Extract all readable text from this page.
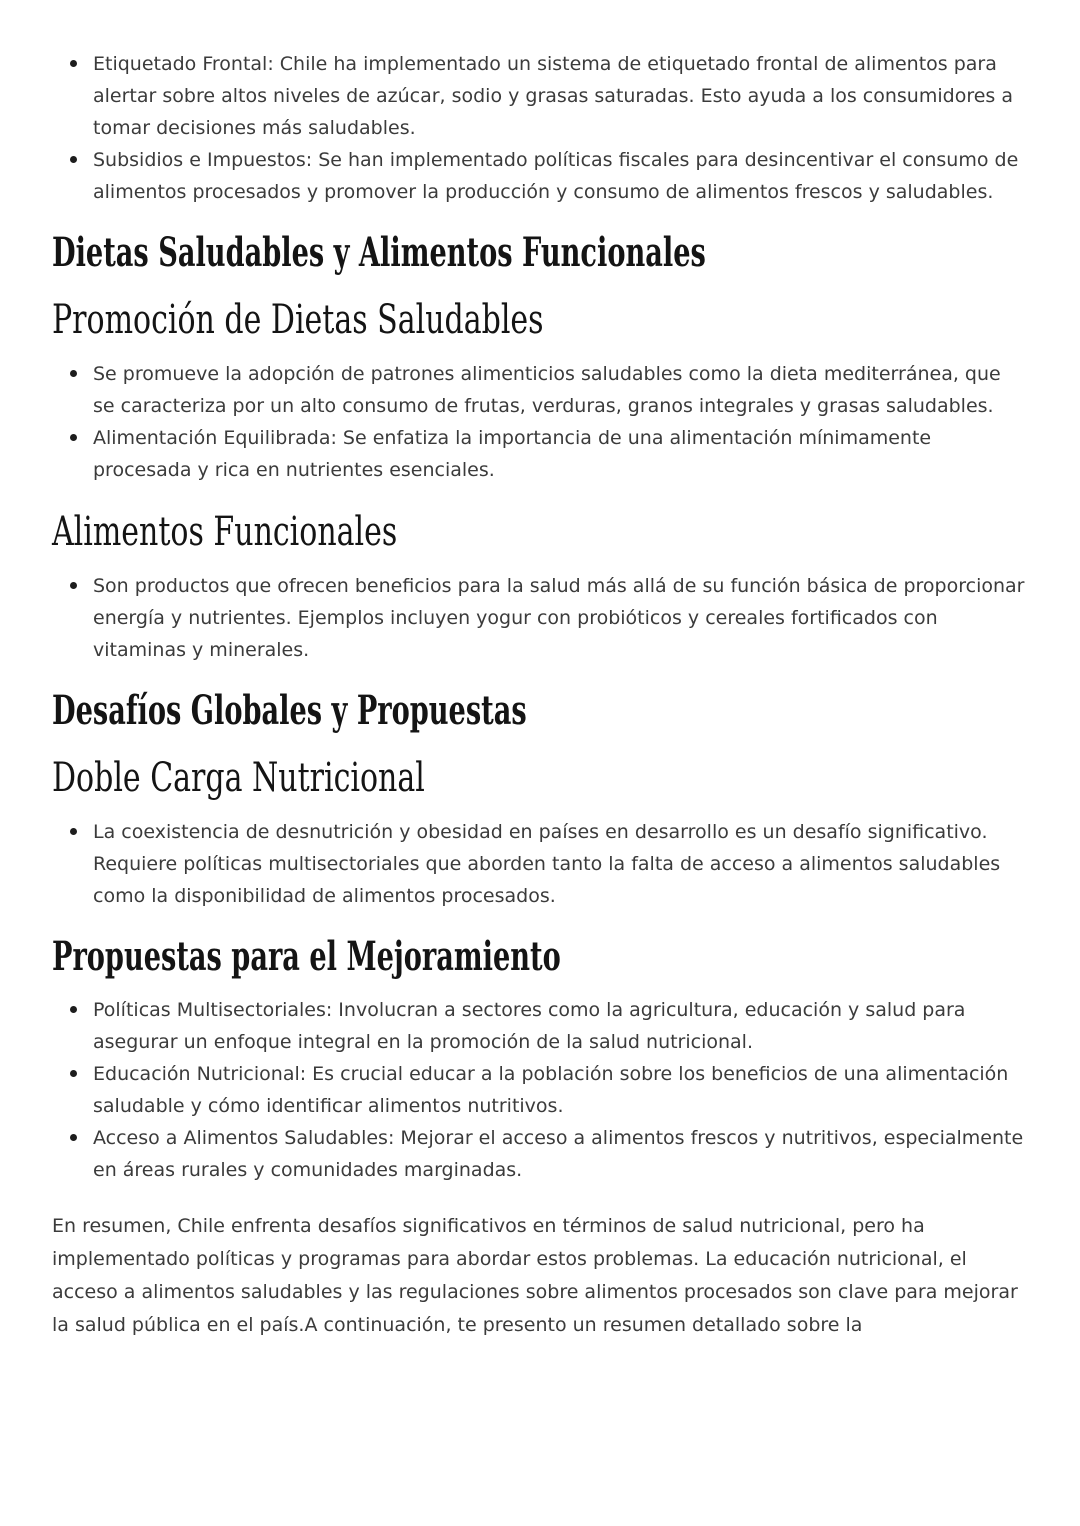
Etiquetado Frontal: Chile ha implementado un sistema de etiquetado frontal de alimentos para alertar sobre altos niveles de azúcar, sodio y grasas saturadas. Esto ayuda a los consumidores a tomar decisiones más saludables.
Subsidios e Impuestos: Se han implementado políticas fiscales para desincentivar el consumo de alimentos procesados y promover la producción y consumo de alimentos frescos y saludables.
Dietas Saludables y Alimentos Funcionales
Promoción de Dietas Saludables
Se promueve la adopción de patrones alimenticios saludables como la dieta mediterránea, que se caracteriza por un alto consumo de frutas, verduras, granos integrales y grasas saludables.
Alimentación Equilibrada: Se enfatiza la importancia de una alimentación mínimamente procesada y rica en nutrientes esenciales.
Alimentos Funcionales
Son productos que ofrecen beneficios para la salud más allá de su función básica de proporcionar energía y nutrientes. Ejemplos incluyen yogur con probióticos y cereales fortificados con vitaminas y minerales.
Desafíos Globales y Propuestas
Doble Carga Nutricional
La coexistencia de desnutrición y obesidad en países en desarrollo es un desafío significativo. Requiere políticas multisectoriales que aborden tanto la falta de acceso a alimentos saludables como la disponibilidad de alimentos procesados.
Propuestas para el Mejoramiento
Políticas Multisectoriales: Involucran a sectores como la agricultura, educación y salud para asegurar un enfoque integral en la promoción de la salud nutricional.
Educación Nutricional: Es crucial educar a la población sobre los beneficios de una alimentación saludable y cómo identificar alimentos nutritivos.
Acceso a Alimentos Saludables: Mejorar el acceso a alimentos frescos y nutritivos, especialmente en áreas rurales y comunidades marginadas.

En resumen, Chile enfrenta desafíos significativos en términos de salud nutricional, pero ha implementado políticas y programas para abordar estos problemas. La educación nutricional, el acceso a alimentos saludables y las regulaciones sobre alimentos procesados son clave para mejorar la salud pública en el país.A continuación, te presento un resumen detallado sobre la
